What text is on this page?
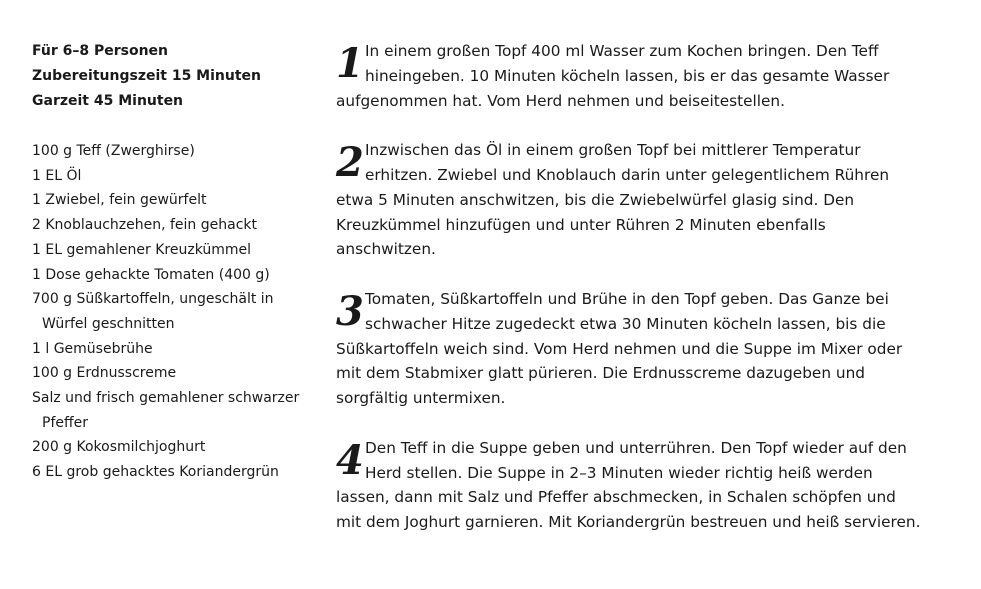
Für 6–8 Personen
Zubereitungszeit 15 Minuten
Garzeit 45 Minuten
100 g Teff (Zwerghirse)
1 EL Öl
1 Zwiebel, fein gewürfelt
2 Knoblauchzehen, fein gehackt
1 EL gemahlener Kreuzkümmel
1 Dose gehackte Tomaten (400 g)
700 g Süßkartoffeln, ungeschält in Würfel geschnitten
1 l Gemüsebrühe
100 g Erdnusscreme
Salz und frisch gemahlener schwarzer Pfeffer
200 g Kokosmilchjoghurt
6 EL grob gehacktes Koriandergrün
1 In einem großen Topf 400 ml Wasser zum Kochen bringen. Den Teff hineingeben. 10 Minuten köcheln lassen, bis er das gesamte Wasser aufgenommen hat. Vom Herd nehmen und beiseitestellen.
2 Inzwischen das Öl in einem großen Topf bei mittlerer Temperatur erhitzen. Zwiebel und Knoblauch darin unter gelegentlichem Rühren etwa 5 Minuten anschwitzen, bis die Zwiebelwürfel glasig sind. Den Kreuzkümmel hinzufügen und unter Rühren 2 Minuten ebenfalls anschwitzen.
3 Tomaten, Süßkartoffeln und Brühe in den Topf geben. Das Ganze bei schwacher Hitze zugedeckt etwa 30 Minuten köcheln lassen, bis die Süßkartoffeln weich sind. Vom Herd nehmen und die Suppe im Mixer oder mit dem Stabmixer glatt pürieren. Die Erdnusscreme dazugeben und sorgfältig untermixen.
4 Den Teff in die Suppe geben und unterrühren. Den Topf wieder auf den Herd stellen. Die Suppe in 2–3 Minuten wieder richtig heiß werden lassen, dann mit Salz und Pfeffer abschmecken, in Schalen schöpfen und mit dem Joghurt garnieren. Mit Koriandergrün bestreuen und heiß servieren.
